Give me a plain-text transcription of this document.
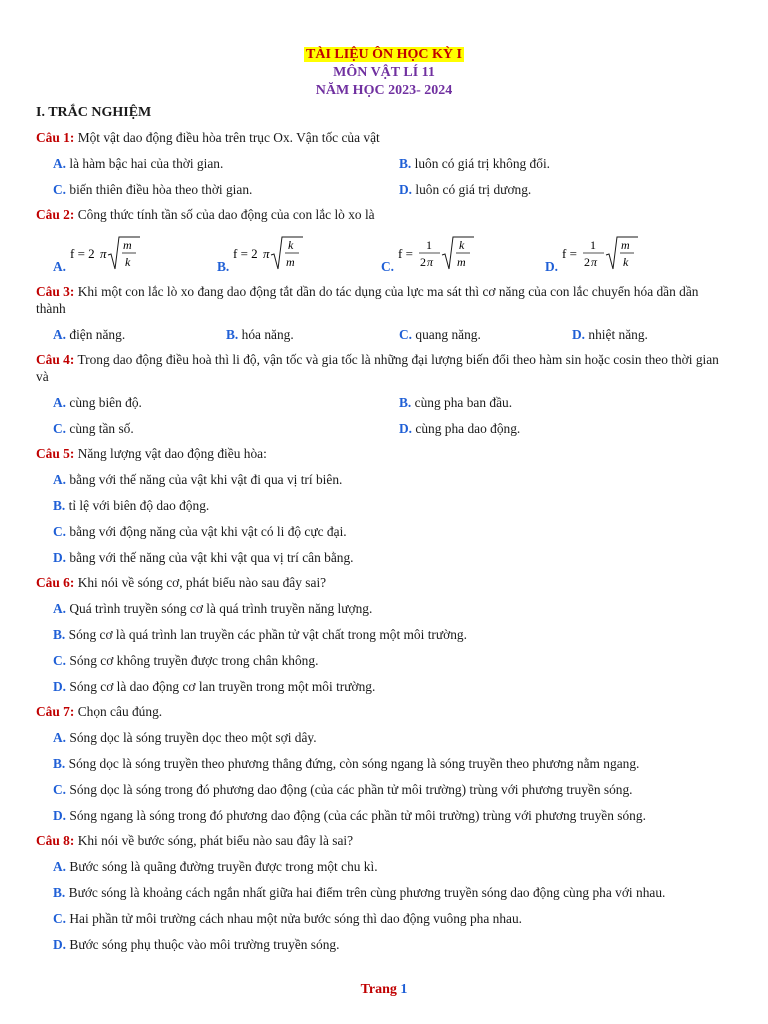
TÀI LIỆU ÔN HỌC KỲ I
MÔN VẬT LÍ 11
NĂM HỌC 2023- 2024
I. TRẮC NGHIỆM
Câu 1: Một vật dao động điều hòa trên trục Ox. Vận tốc của vật
A. là hàm bậc hai của thời gian.	B. luôn có giá trị không đổi.
C. biến thiên điều hòa theo thời gian.	D. luôn có giá trị dương.
Câu 2: Công thức tính tần số của dao động của con lắc lò xo là
A.
f = 2 π
m
k	B.
f = 2 π
k
m	C.
f =
1
2 π
k
m	D.
f =
1
2 π
m
k
Câu 3: Khi một con lắc lò xo đang dao động tắt dần do tác dụng của lực ma sát thì cơ năng của con lắc chuyển hóa dần dần thành
A. điện năng.	B. hóa năng.	C. quang năng.	D. nhiệt năng.
Câu 4: Trong dao động điều hoà thì li độ, vận tốc và gia tốc là những đại lượng biến đổi theo hàm sin hoặc cosin theo thời gian và
A. cùng biên độ.	B. cùng pha ban đầu.
C. cùng tần số.	D. cùng pha dao động.
Câu 5: Năng lượng vật dao động điều hòa:
A. bằng với thế năng của vật khi vật đi qua vị trí biên.
B. tỉ lệ với biên độ dao động.
C. bằng với động năng của vật khi vật có li độ cực đại.
D. bằng với thế năng của vật khi vật qua vị trí cân bằng.
Câu 6: Khi nói về sóng cơ, phát biểu nào sau đây sai?
A. Quá trình truyền sóng cơ là quá trình truyền năng lượng.
B. Sóng cơ là quá trình lan truyền các phần tử vật chất trong một môi trường.
C. Sóng cơ không truyền được trong chân không.
D. Sóng cơ là dao động cơ lan truyền trong một môi trường.
Câu 7: Chọn câu đúng.
A. Sóng dọc là sóng truyền dọc theo một sợi dây.
B. Sóng dọc là sóng truyền theo phương thẳng đứng, còn sóng ngang là sóng truyền theo phương nằm ngang.
C. Sóng dọc là sóng trong đó phương dao động (của các phần tử môi trường) trùng với phương truyền sóng.
D. Sóng ngang là sóng trong đó phương dao động (của các phần tử môi trường) trùng với phương truyền sóng.
Câu 8: Khi nói về bước sóng, phát biểu nào sau đây là sai?
A. Bước sóng là quãng đường truyền được trong một chu kì.
B. Bước sóng là khoảng cách ngắn nhất giữa hai điểm trên cùng phương truyền sóng dao động cùng pha với nhau.
C. Hai phần tử môi trường cách nhau một nửa bước sóng thì dao động vuông pha nhau.
D. Bước sóng phụ thuộc vào môi trường truyền sóng.
Trang 1
